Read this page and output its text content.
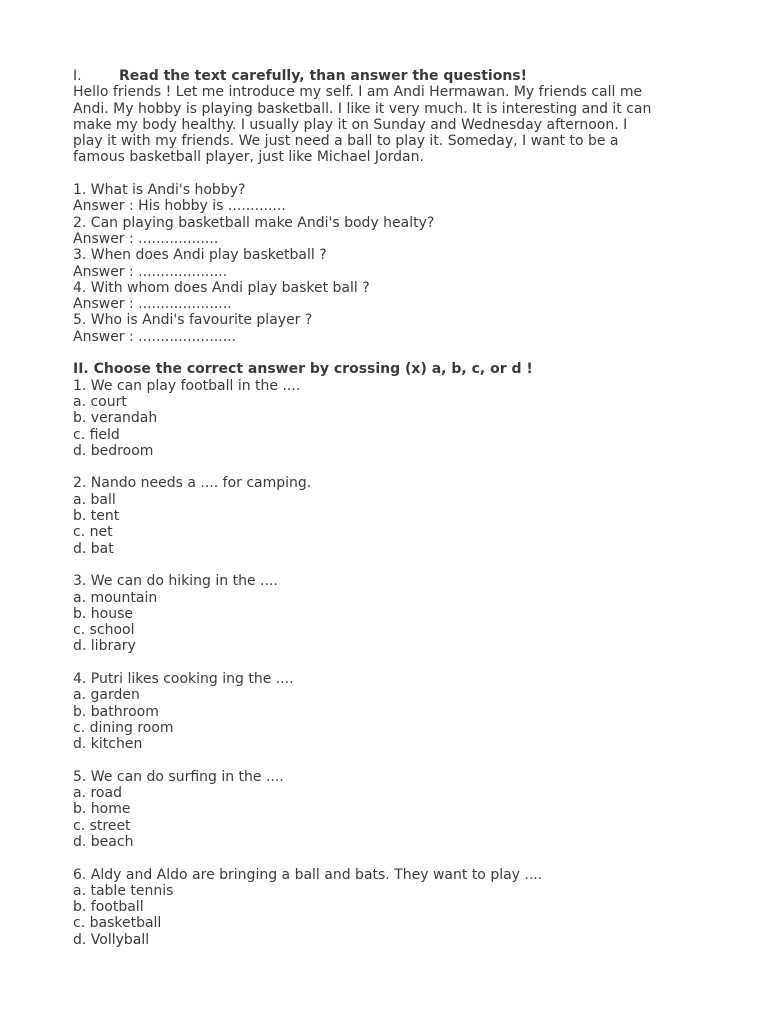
I.	Read the text carefully, than answer the questions!
Hello friends ! Let me introduce my self. I am Andi Hermawan. My friends call me
Andi. My hobby is playing basketball. I like it very much. It is interesting and it can
make my body healthy. I usually play it on Sunday and Wednesday afternoon. I
play it with my friends. We just need a ball to play it. Someday, I want to be a
famous basketball player, just like Michael Jordan.
1. What is Andi's hobby?
Answer : His hobby is .............
2. Can playing basketball make Andi's body healty?
Answer : ..................
3. When does Andi play basketball ?
Answer : ....................
4. With whom does Andi play basket ball ?
Answer : .....................
5. Who is Andi's favourite player ?
Answer : ......................
II. Choose the correct answer by crossing (x) a, b, c, or d !
1. We can play football in the ....
a. court
b. verandah
c. field
d. bedroom
2. Nando needs a .... for camping.
a. ball
b. tent
c. net
d. bat
3. We can do hiking in the ....
a. mountain
b. house
c. school
d. library
4. Putri likes cooking ing the ....
a. garden
b. bathroom
c. dining room
d. kitchen
5. We can do surfing in the ....
a. road
b. home
c. street
d. beach
6. Aldy and Aldo are bringing a ball and bats. They want to play ....
a. table tennis
b. football
c. basketball
d. Vollyball
